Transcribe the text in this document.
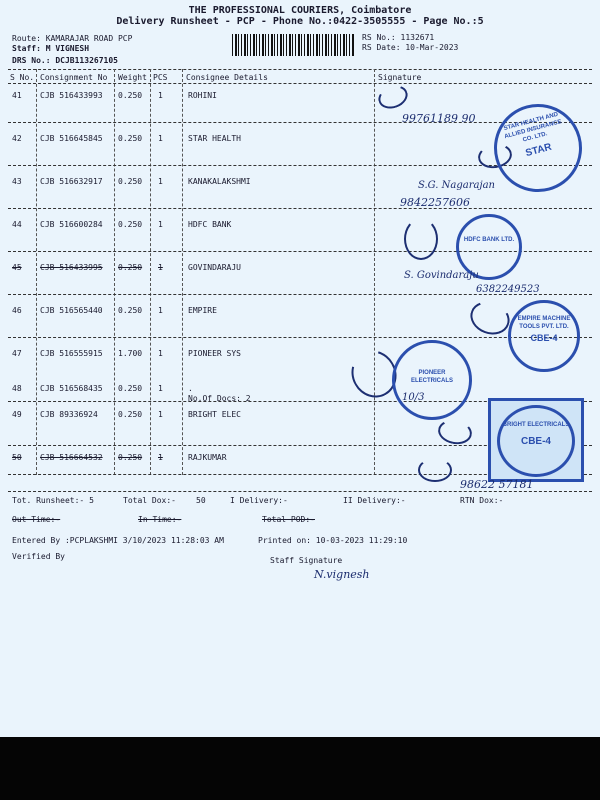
THE PROFESSIONAL COURIERS, Coimbatore
Delivery Runsheet - PCP - Phone No.:0422-3505555 - Page No.:5
Route: KAMARAJAR ROAD PCP
Staff: M VIGNESH
DRS No.: DCJB113267105
RS No.: 1132671
RS Date: 10-Mar-2023
S No. Consignment No Weight PCS Consignee Details	Signature
41 CJB 516433993 0.250 1	ROHINI
42 CJB 516645845 0.250 1	STAR HEALTH
43 CJB 516632917 0.250 1	KANAKALAKSHMI
44 CJB 516600284 0.250 1	HDFC BANK
45 CJB 516433995 0.250 1	GOVINDARAJU
46 CJB 516565440 0.250 1	EMPIRE
47 CJB 516555915 1.700 1	PIONEER SYS
48 CJB 516568435 0.250 1	.
No.Of Docs: 2
49 CJB 89336924	0.250 1	BRIGHT ELEC
50 CJB 516664532 0.250 1	RAJKUMAR
99761189 90	STAR HEALTH AND ALLIED INSURANCE CO. LTD.
STAR
S.G. Nagarajan
9842257606
HDFC BANK LTD.
S. Govindaraju
6382249523
EMPIRE MACHINE TOOLS PVT. LTD.
CBE-4
PIONEER ELECTRICALS
10/3
BRIGHT ELECTRICALS
CBE-4
98622 57181
Tot. Runsheet:- 5	Total Dox:-	50	I Delivery:-	II Delivery:-	RTN Dox:-
Out Time:-	In Time:-	Total POD:-
Entered By :PCPLAKSHMI 3/10/2023 11:28:03 AM	Printed on: 10-03-2023 11:29:10
Verified By	Staff Signature
N.vignesh
